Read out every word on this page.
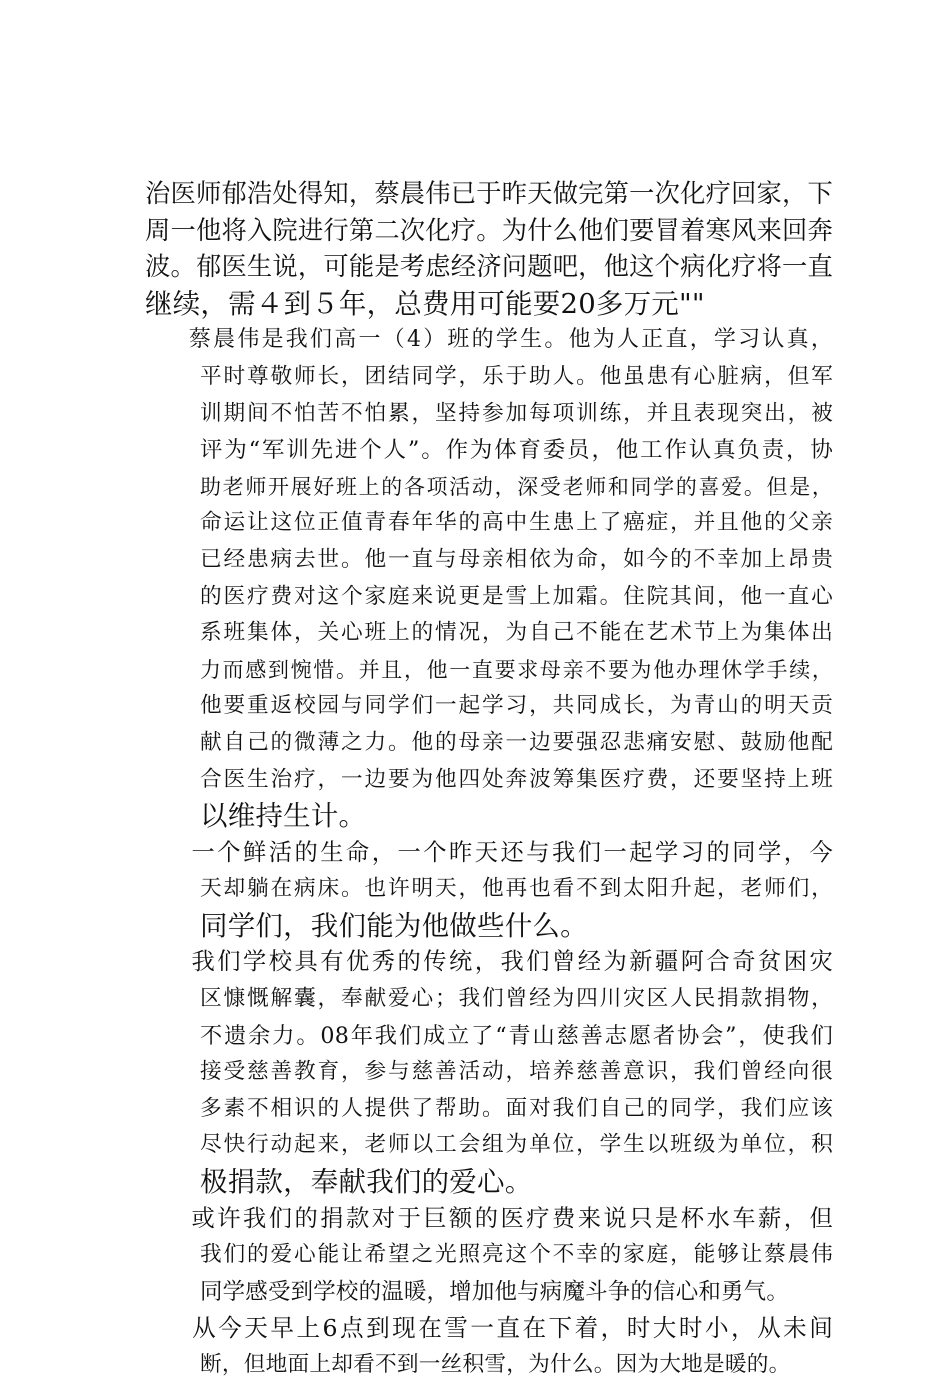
治医师郁浩处得知，蔡晨伟已于昨天做完第一次化疗回家，下
周一他将入院进行第二次化疗。为什么他们要冒着寒风来回奔
波。郁医生说，可能是考虑经济问题吧，他这个病化疗将一直
继续，需４到５年，总费用可能要20多万元""
蔡晨伟是我们高一（4）班的学生。他为人正直，学习认真，
平时尊敬师长，团结同学，乐于助人。他虽患有心脏病，但军
训期间不怕苦不怕累，坚持参加每项训练，并且表现突出，被
评为“军训先进个人”。作为体育委员，他工作认真负责，协
助老师开展好班上的各项活动，深受老师和同学的喜爱。但是，
命运让这位正值青春年华的高中生患上了癌症，并且他的父亲
已经患病去世。他一直与母亲相依为命，如今的不幸加上昂贵
的医疗费对这个家庭来说更是雪上加霜。住院其间，他一直心
系班集体，关心班上的情况，为自己不能在艺术节上为集体出
力而感到惋惜。并且，他一直要求母亲不要为他办理休学手续，
他要重返校园与同学们一起学习，共同成长，为青山的明天贡
献自己的微薄之力。他的母亲一边要强忍悲痛安慰、鼓励他配
合医生治疗，一边要为他四处奔波筹集医疗费，还要坚持上班
以维持生计。
一个鲜活的生命，一个昨天还与我们一起学习的同学，今
天却躺在病床。也许明天，他再也看不到太阳升起，老师们，
同学们，我们能为他做些什么。
我们学校具有优秀的传统，我们曾经为新疆阿合奇贫困灾
区慷慨解囊，奉献爱心；我们曾经为四川灾区人民捐款捐物，
不遗余力。08年我们成立了“青山慈善志愿者协会”，使我们
接受慈善教育，参与慈善活动，培养慈善意识，我们曾经向很
多素不相识的人提供了帮助。面对我们自己的同学，我们应该
尽快行动起来，老师以工会组为单位，学生以班级为单位，积
极捐款，奉献我们的爱心。
或许我们的捐款对于巨额的医疗费来说只是杯水车薪，但
我们的爱心能让希望之光照亮这个不幸的家庭，能够让蔡晨伟
同学感受到学校的温暖，增加他与病魔斗争的信心和勇气。
从今天早上6点到现在雪一直在下着，时大时小，从未间
断，但地面上却看不到一丝积雪，为什么。因为大地是暖的。
